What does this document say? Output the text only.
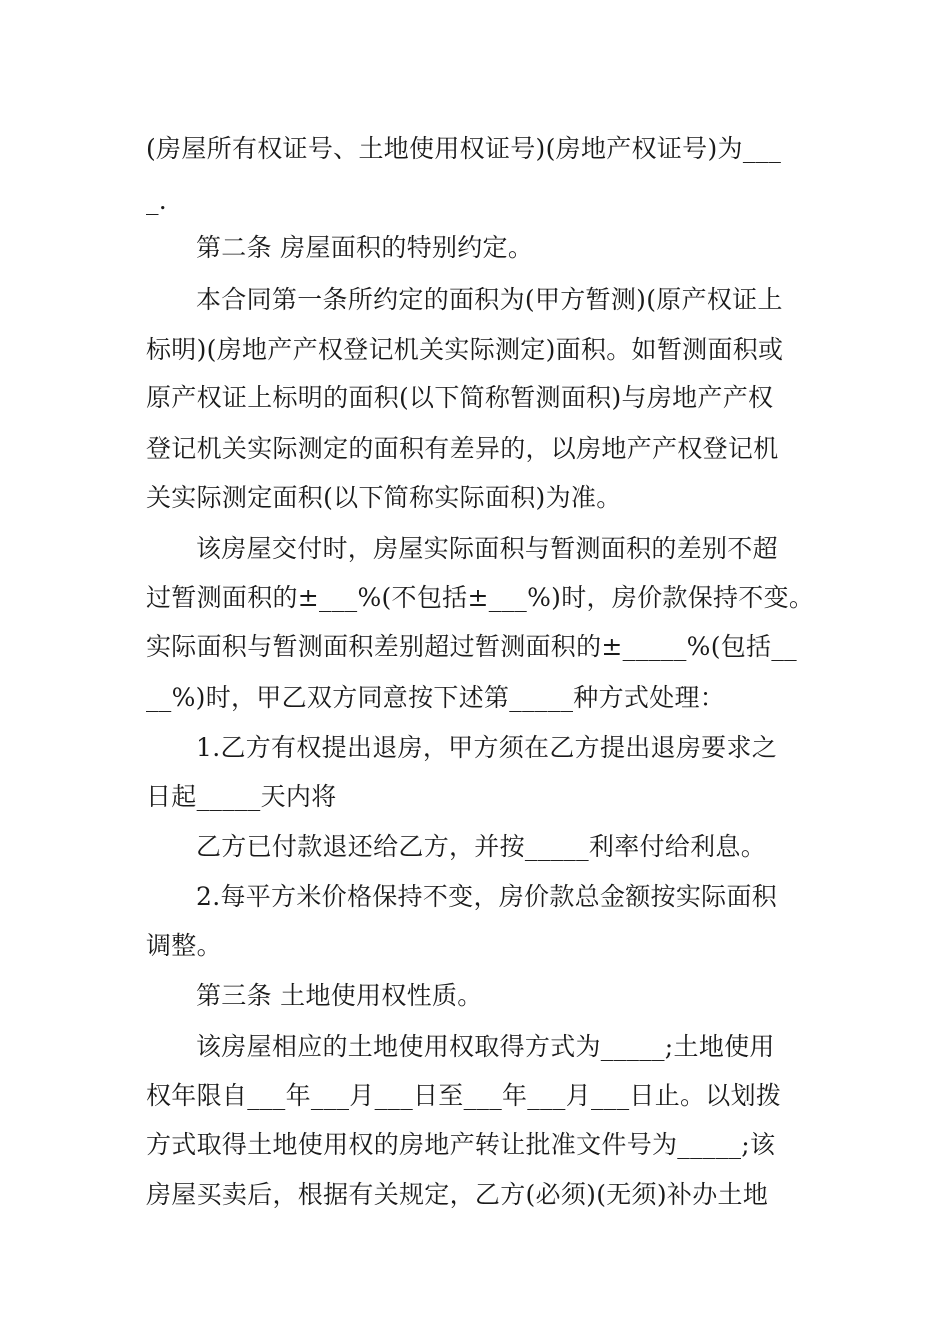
(房屋所有权证号、土地使用权证号)(房地产权证号)为___
_.
第二条 房屋面积的特别约定。
本合同第一条所约定的面积为(甲方暂测)(原产权证上
标明)(房地产产权登记机关实际测定)面积。如暂测面积或
原产权证上标明的面积(以下简称暂测面积)与房地产产权
登记机关实际测定的面积有差异的，以房地产产权登记机
关实际测定面积(以下简称实际面积)为准。
该房屋交付时，房屋实际面积与暂测面积的差别不超
过暂测面积的±___%(不包括±___%)时，房价款保持不变。
实际面积与暂测面积差别超过暂测面积的±_____%(包括__
__%)时，甲乙双方同意按下述第_____种方式处理：
1.乙方有权提出退房，甲方须在乙方提出退房要求之
日起_____天内将
乙方已付款退还给乙方，并按_____利率付给利息。
2.每平方米价格保持不变，房价款总金额按实际面积
调整。
第三条 土地使用权性质。
该房屋相应的土地使用权取得方式为_____;土地使用
权年限自___年___月___日至___年___月___日止。以划拨
方式取得土地使用权的房地产转让批准文件号为_____;该
房屋买卖后，根据有关规定，乙方(必须)(无须)补办土地
